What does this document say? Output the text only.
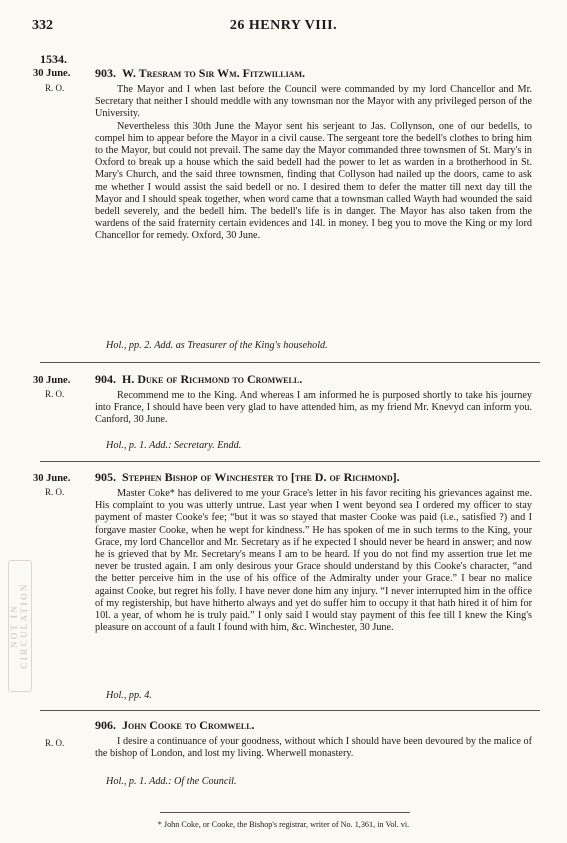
332	26 HENRY VIII.
1534.
30 June.
R. O.
903. W. Tresram to Sir Wm. Fitzwilliam.

The Mayor and I when last before the Council were commanded by my lord Chancellor and Mr. Secretary that neither I should meddle with any townsman nor the Mayor with any privileged person of the University.

Nevertheless this 30th June the Mayor sent his serjeant to Jas. Collynson, one of our bedells, to compel him to appear before the Mayor in a civil cause. The sergeant tore the bedell's clothes to bring him to the Mayor, but could not prevail. The same day the Mayor commanded three townsmen of St. Mary's in Oxford to break up a house which the said bedell had the power to let as warden in a brotherhood in St. Mary's Church, and the said three townsmen, finding that Collyson had nailed up the doors, came to ask me whether I would assist the said bedell or no. I desired them to defer the matter till next day till the Mayor and I should speak together, when word came that a townsman called Wayth had wounded the said bedell severely, and the bedell him. The bedell's life is in danger. The Mayor has also taken from the wardens of the said fraternity certain evidences and 14l. in money. I beg you to move the King or my lord Chancellor for remedy. Oxford, 30 June.

Hol., pp. 2. Add. as Treasurer of the King's household.
30 June.
R. O.
904. H. Duke of Richmond to Cromwell.

Recommend me to the King. And whereas I am informed he is purposed shortly to take his journey into France, I should have been very glad to have attended him, as my friend Mr. Knevyd can inform you. Canford, 30 June.

Hol., p. 1. Add.: Secretary. Endd.
30 June.
R. O.
905. Stephen Bishop of Winchester to [the D. of Richmond].

Master Coke* has delivered to me your Grace's letter in his favor reciting his grievances against me. His complaint to you was utterly untrue. Last year when I went beyond sea I ordered my officer to stay payment of master Cooke's fee; “but it was so stayed that master Cooke was paid (i.e., satisfied ?) and I forgave master Cooke, when he wept for kindness.” He has spoken of me in such terms to the King, your Grace, my lord Chancellor and Mr. Secretary as if he expected I should never be heard in answer; and now he is grieved that by Mr. Secretary's means I am to be heard. If you do not find my assertion true let me never be trusted again. I am only desirous your Grace should understand by this Cooke's character, “and the better perceive him in the use of his office of the Admiralty under your Grace.” I bear no malice against Cooke, but regret his folly. I have never done him any injury. “I never interrupted him in the office of my registership, but have hitherto always and yet do suffer him to occupy it that hath hired it of him for 10l. a year, of whom he is truly paid.” I only said I would stay payment of this fee till I knew the King's pleasure on account of a fault I found with him, &c. Winchester, 30 June.

Hol., pp. 4.
R. O.
906. John Cooke to Cromwell.

I desire a continuance of your goodness, without which I should have been devoured by the malice of the bishop of London, and lost my living. Wherwell monastery.

Hol., p. 1. Add.: Of the Council.
* John Coke, or Cooke, the Bishop's registrar, writer of No. 1,361, in Vol. vi.
NOT IN CIRCULATION
